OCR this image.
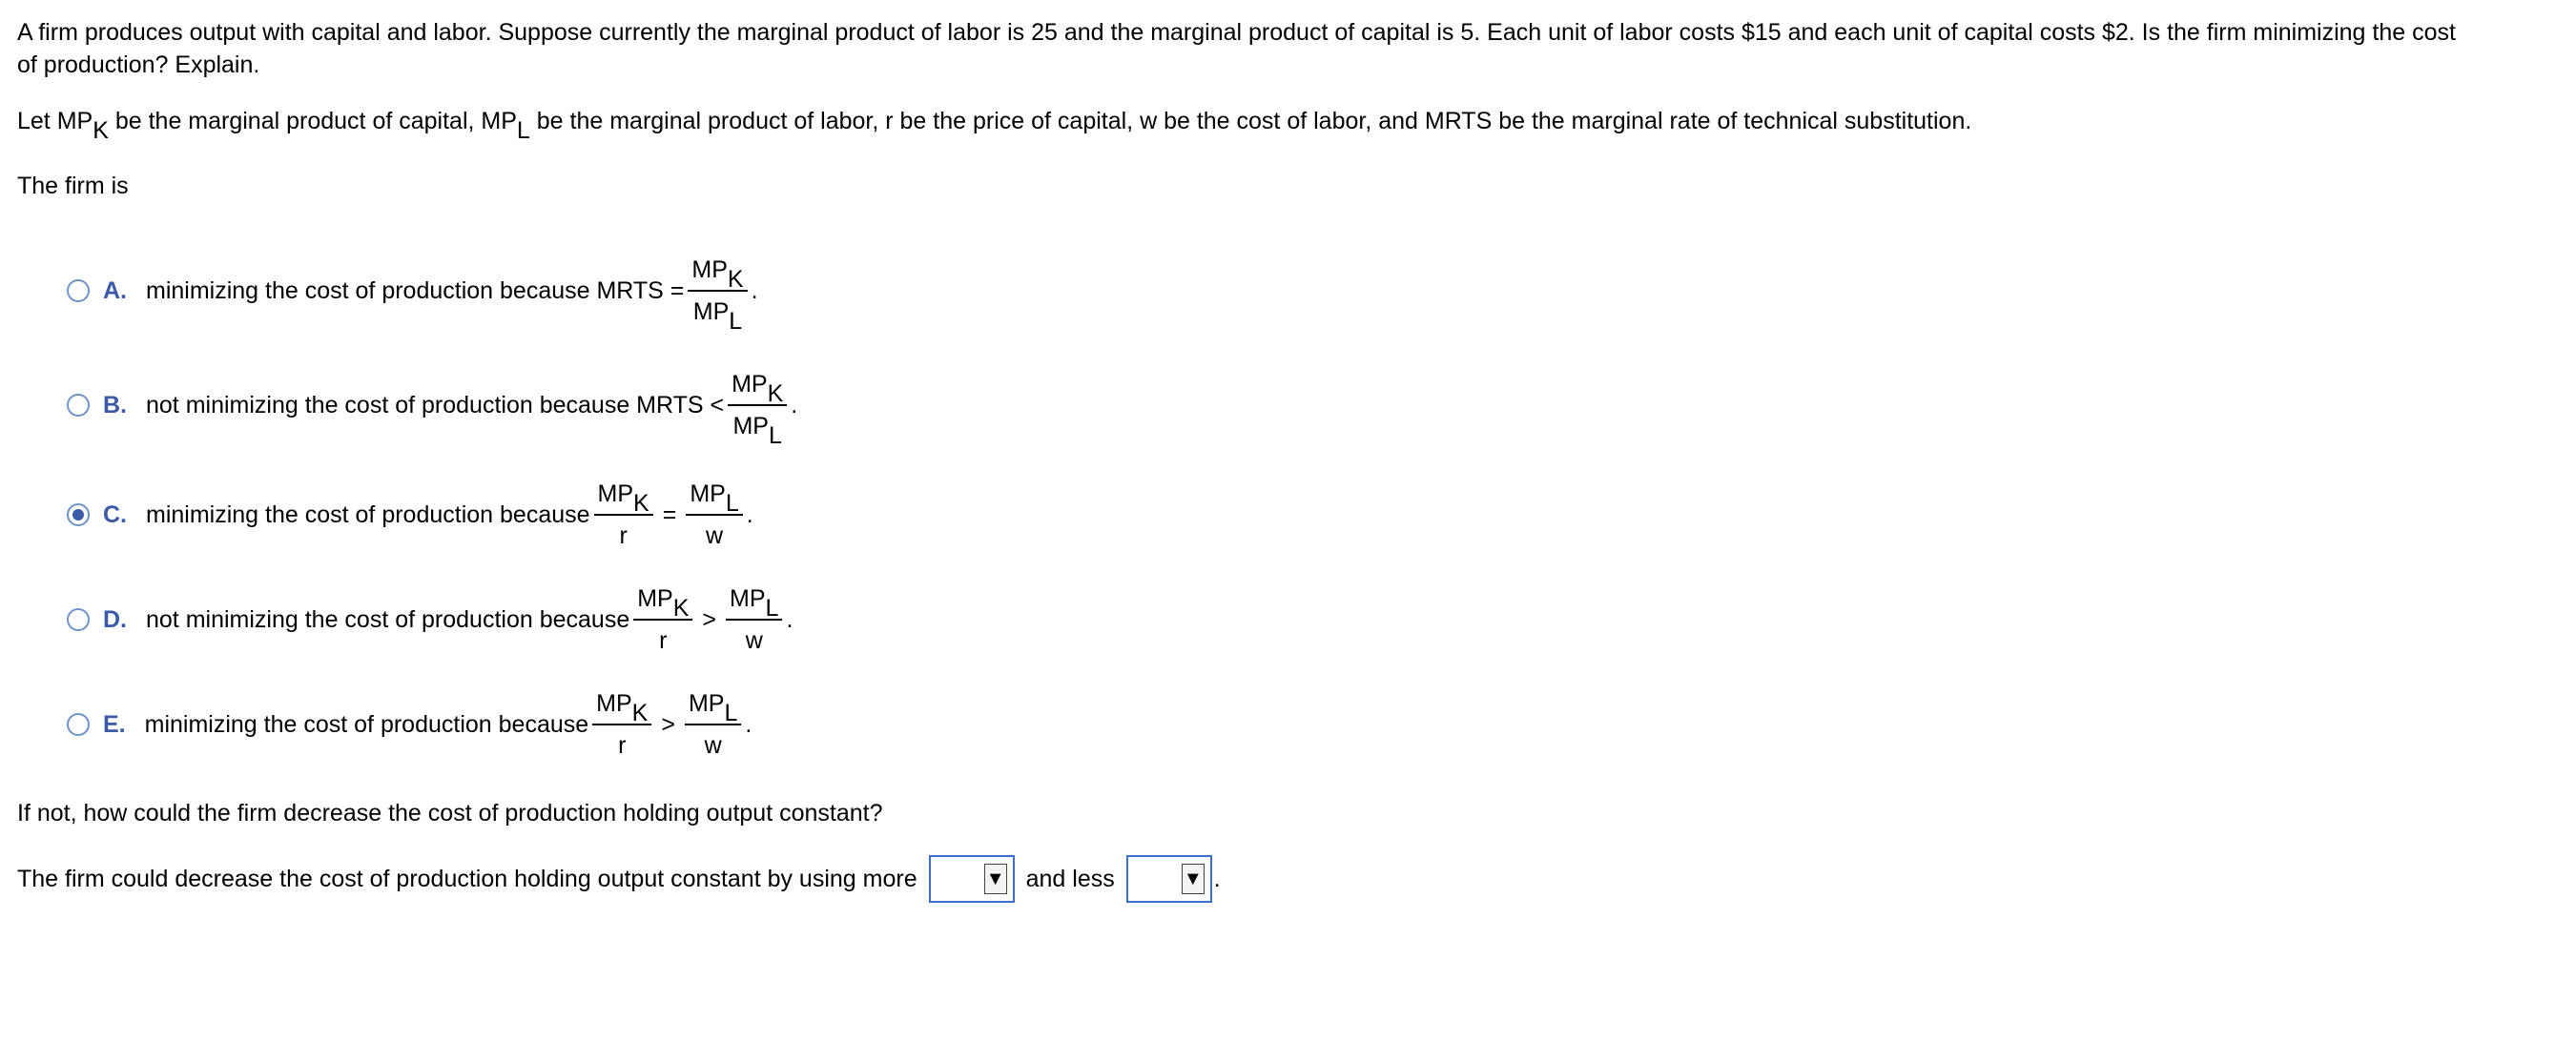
A firm produces output with capital and labor. Suppose currently the marginal product of labor is 25 and the marginal product of capital is 5. Each unit of labor costs $15 and each unit of capital costs $2. Is the firm minimizing the cost
of production? Explain.
Let $MP_K$ be the marginal product of capital, $MP_L$ be the marginal product of labor, r be the price of capital, w be the cost of labor, and MRTS be the marginal rate of technical substitution.
The firm is
A. minimizing the cost of production because MRTS = $\frac{MP_K}{MP_L}$ .
B. not minimizing the cost of production because MRTS < $\frac{MP_K}{MP_L}$ .
C. minimizing the cost of production because $\frac{MP_K}{r} = \frac{MP_L}{w}$ .
D. not minimizing the cost of production because $\frac{MP_K}{r} > \frac{MP_L}{w}$ .
E. minimizing the cost of production because $\frac{MP_K}{r} > \frac{MP_L}{w}$ .
If not, how could the firm decrease the cost of production holding output constant?
The firm could decrease the cost of production holding output constant by using more	▼ and less	▼ .
